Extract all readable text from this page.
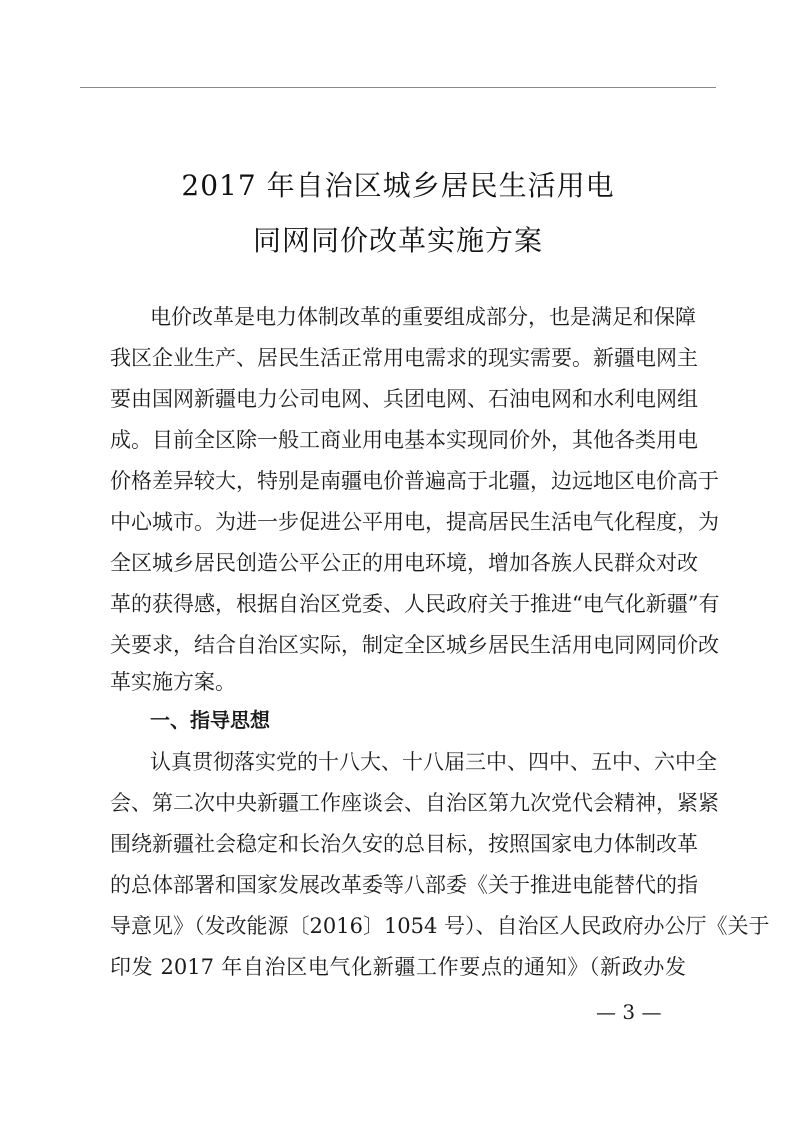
2017 年自治区城乡居民生活用电
同网同价改革实施方案
电价改革是电力体制改革的重要组成部分，也是满足和保障
我区企业生产、居民生活正常用电需求的现实需要。新疆电网主
要由国网新疆电力公司电网、兵团电网、石油电网和水利电网组
成。目前全区除一般工商业用电基本实现同价外，其他各类用电
价格差异较大，特别是南疆电价普遍高于北疆，边远地区电价高于
中心城市。为进一步促进公平用电，提高居民生活电气化程度，为
全区城乡居民创造公平公正的用电环境，增加各族人民群众对改
革的获得感，根据自治区党委、人民政府关于推进“电气化新疆”有
关要求，结合自治区实际，制定全区城乡居民生活用电同网同价改
革实施方案。
一、指导思想
认真贯彻落实党的十八大、十八届三中、四中、五中、六中全
会、第二次中央新疆工作座谈会、自治区第九次党代会精神，紧紧
围绕新疆社会稳定和长治久安的总目标，按照国家电力体制改革
的总体部署和国家发展改革委等八部委《关于推进电能替代的指
导意见》（发改能源〔2016〕1054 号）、自治区人民政府办公厅《关于
印发 2017 年自治区电气化新疆工作要点的通知》（新政办发
— 3 —
